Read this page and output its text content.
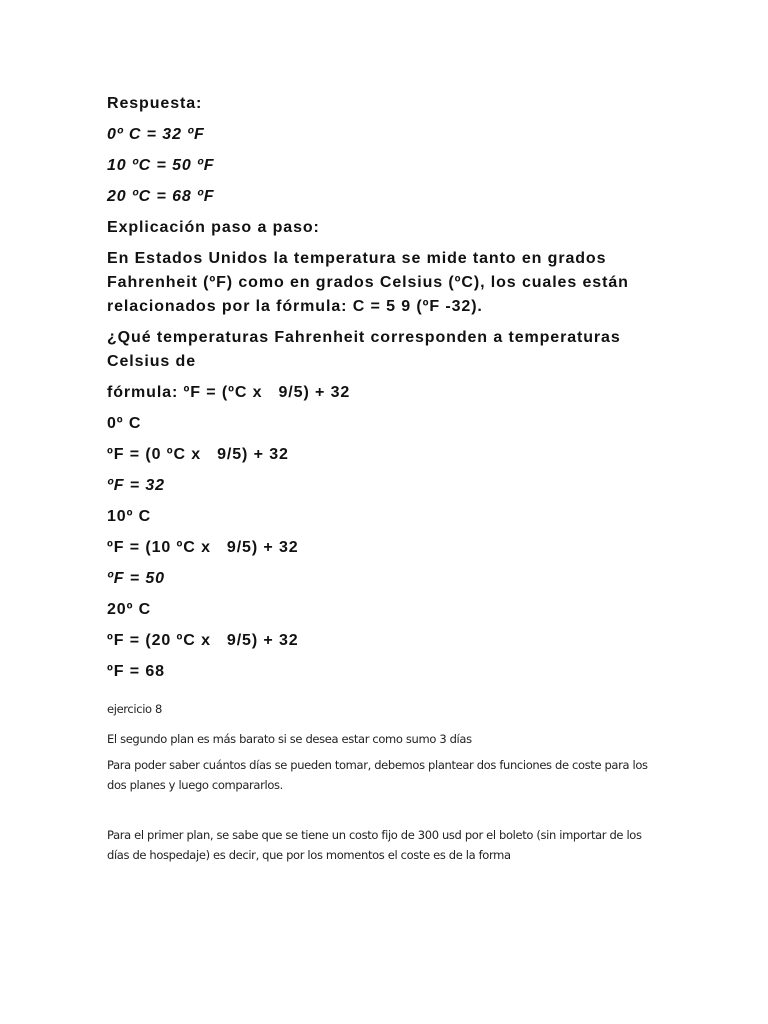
Respuesta:

0º C = 32 ºF

10 ºC = 50 ºF

20 ºC = 68 ºF

Explicación paso a paso:

En Estados Unidos la temperatura se mide tanto en grados Fahrenheit (ºF) como en grados Celsius (ºC), los cuales están relacionados por la fórmula: C = 5 9 (ºF -32).

¿Qué temperaturas Fahrenheit corresponden a temperaturas Celsius de

fórmula: ºF = (ºC x   9/5) + 32

0º C

ºF = (0 ºC x   9/5) + 32

ºF = 32

10º C

ºF = (10 ºC x   9/5) + 32

ºF = 50

20º C

ºF = (20 ºC x   9/5) + 32

ºF = 68

ejercicio 8

El segundo plan es más barato si se desea estar como sumo 3 días

Para poder saber cuántos días se pueden tomar, debemos plantear dos funciones de coste para los dos planes y luego compararlos.

Para el primer plan, se sabe que se tiene un costo fijo de 300 usd por el boleto (sin importar de los días de hospedaje) es decir, que por los momentos el coste es de la forma
